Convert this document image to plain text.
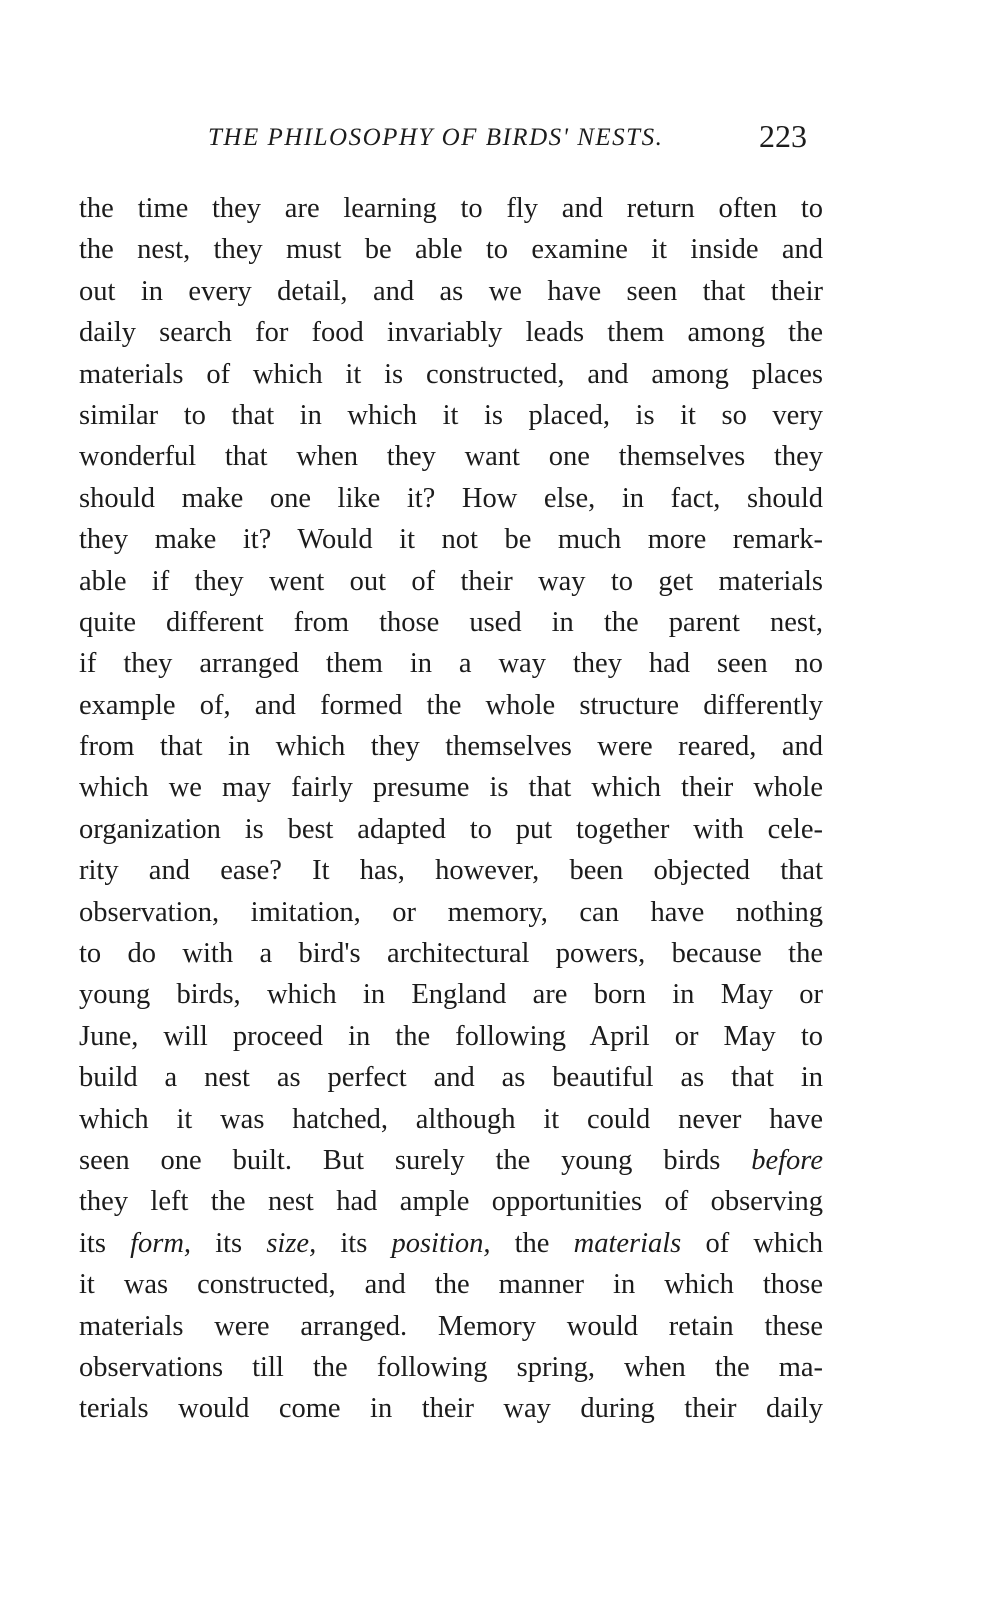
THE PHILOSOPHY OF BIRDS' NESTS.	223
the time they are learning to fly and return often to
the nest, they must be able to examine it inside and
out in every detail, and as we have seen that their
daily search for food invariably leads them among the
materials of which it is constructed, and among places
similar to that in which it is placed, is it so very
wonderful that when they want one themselves they
should make one like it? How else, in fact, should
they make it? Would it not be much more remark-
able if they went out of their way to get materials
quite different from those used in the parent nest,
if they arranged them in a way they had seen no
example of, and formed the whole structure differently
from that in which they themselves were reared, and
which we may fairly presume is that which their whole
organization is best adapted to put together with cele-
rity and ease? It has, however, been objected that
observation, imitation, or memory, can have nothing
to do with a bird's architectural powers, because the
young birds, which in England are born in May or
June, will proceed in the following April or May to
build a nest as perfect and as beautiful as that in
which it was hatched, although it could never have
seen one built. But surely the young birds before
they left the nest had ample opportunities of observing
its form, its size, its position, the materials of which
it was constructed, and the manner in which those
materials were arranged. Memory would retain these
observations till the following spring, when the ma-
terials would come in their way during their daily
